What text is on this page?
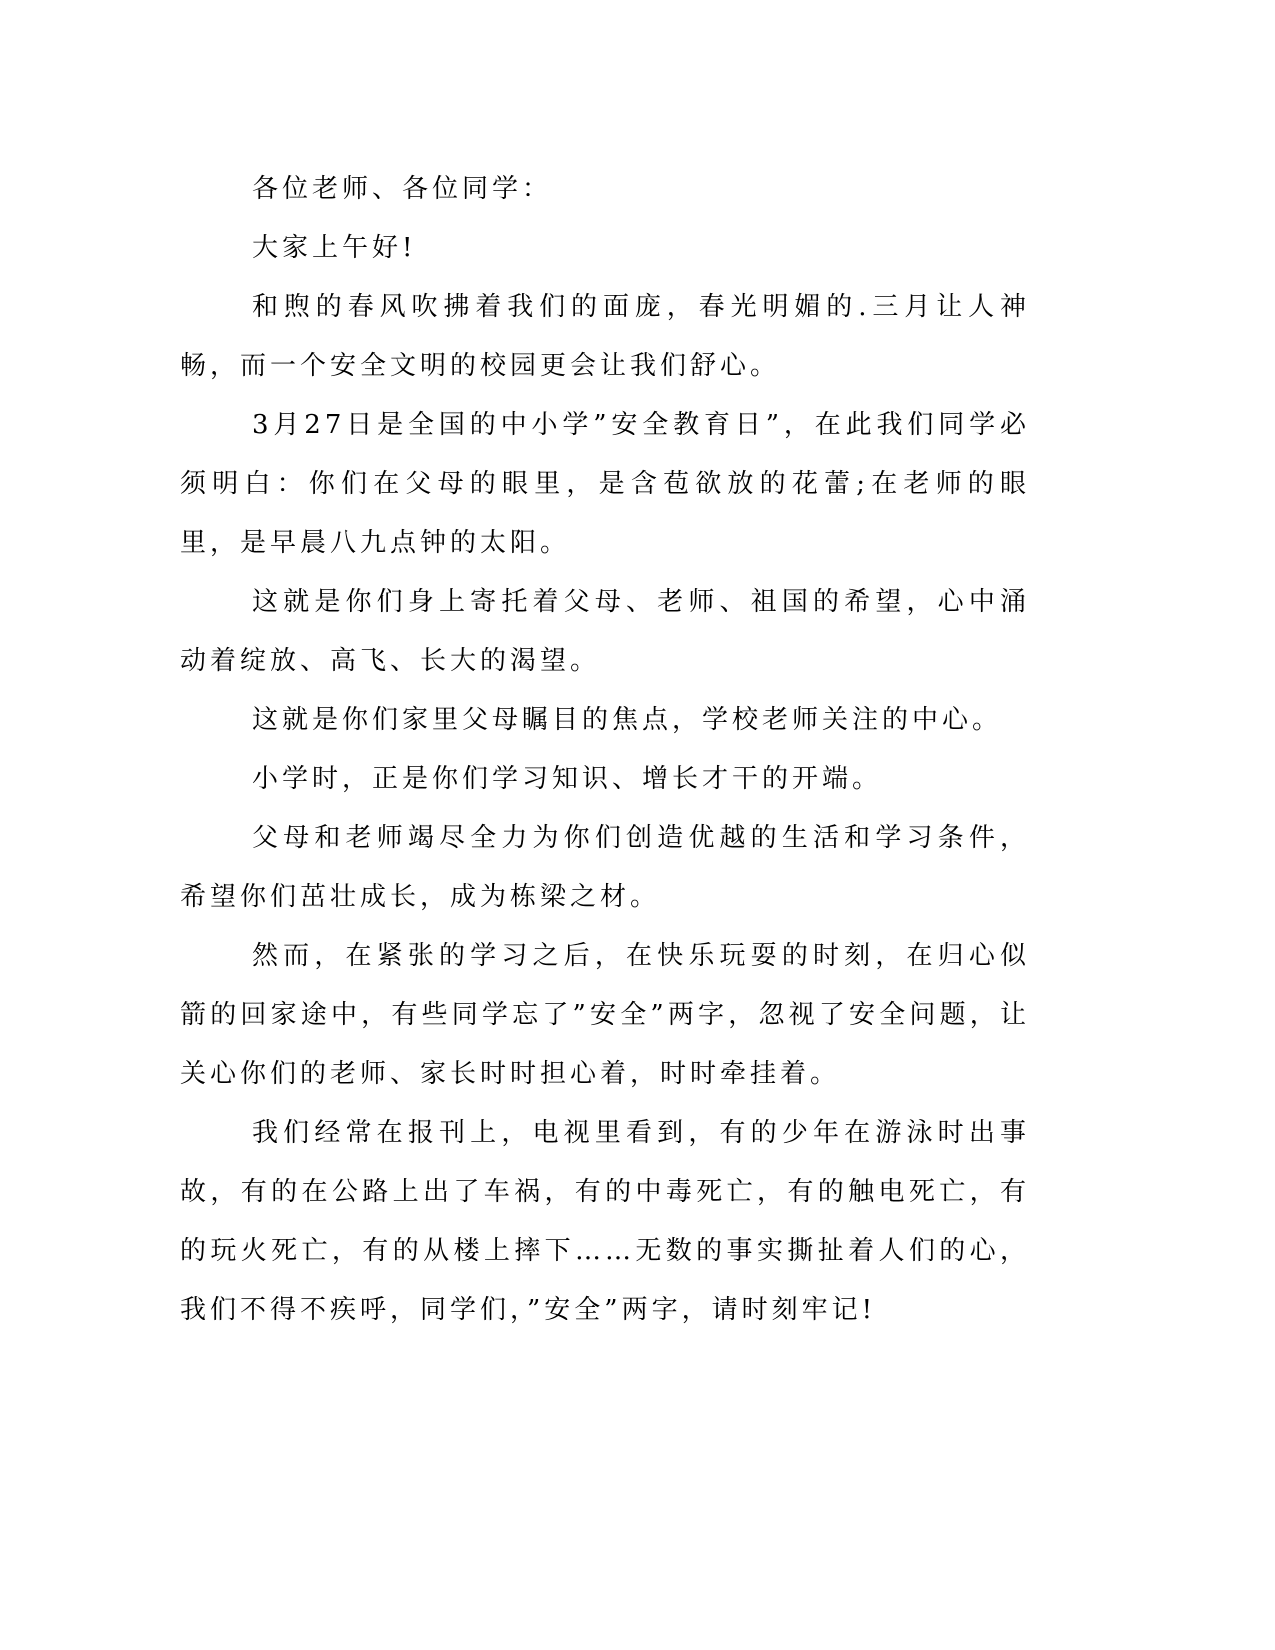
各位老师、各位同学：

大家上午好!

和煦的春风吹拂着我们的面庞，春光明媚的.三月让人神畅，而一个安全文明的校园更会让我们舒心。

3月27日是全国的中小学”安全教育日”，在此我们同学必须明白：你们在父母的眼里，是含苞欲放的花蕾;在老师的眼里，是早晨八九点钟的太阳。

这就是你们身上寄托着父母、老师、祖国的希望，心中涌动着绽放、高飞、长大的渴望。

这就是你们家里父母瞩目的焦点，学校老师关注的中心。

小学时，正是你们学习知识、增长才干的开端。

父母和老师竭尽全力为你们创造优越的生活和学习条件，希望你们茁壮成长，成为栋梁之材。

然而，在紧张的学习之后，在快乐玩耍的时刻，在归心似箭的回家途中，有些同学忘了”安全”两字，忽视了安全问题，让关心你们的老师、家长时时担心着，时时牵挂着。

我们经常在报刊上，电视里看到，有的少年在游泳时出事故，有的在公路上出了车祸，有的中毒死亡，有的触电死亡，有的玩火死亡，有的从楼上摔下……无数的事实撕扯着人们的心，我们不得不疾呼，同学们，”安全”两字，请时刻牢记!
